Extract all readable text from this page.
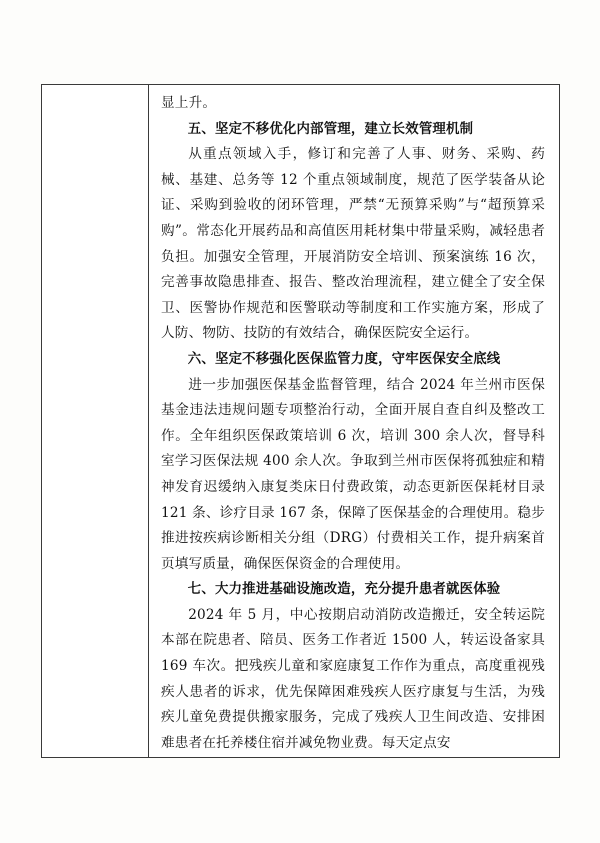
显上升。

五、坚定不移优化内部管理，建立长效管理机制

从重点领域入手，修订和完善了人事、财务、采购、药械、基建、总务等 12 个重点领域制度，规范了医学装备从论证、采购到验收的闭环管理，严禁“无预算采购”与“超预算采购”。常态化开展药品和高值医用耗材集中带量采购，减轻患者负担。加强安全管理，开展消防安全培训、预案演练 16 次，完善事故隐患排查、报告、整改治理流程，建立健全了安全保卫、医警协作规范和医警联动等制度和工作实施方案，形成了人防、物防、技防的有效结合，确保医院安全运行。

六、坚定不移强化医保监管力度，守牢医保安全底线

进一步加强医保基金监督管理，结合 2024 年兰州市医保基金违法违规问题专项整治行动，全面开展自查自纠及整改工作。全年组织医保政策培训 6 次，培训 300 余人次，督导科室学习医保法规 400 余人次。争取到兰州市医保将孤独症和精神发育迟缓纳入康复类床日付费政策，动态更新医保耗材目录 121 条、诊疗目录 167 条，保障了医保基金的合理使用。稳步推进按疾病诊断相关分组（DRG）付费相关工作，提升病案首页填写质量，确保医保资金的合理使用。

七、大力推进基础设施改造，充分提升患者就医体验

2024 年 5 月，中心按期启动消防改造搬迁，安全转运院本部在院患者、陪员、医务工作者近 1500 人，转运设备家具 169 车次。把残疾儿童和家庭康复工作作为重点，高度重视残疾人患者的诉求，优先保障困难残疾人医疗康复与生活，为残疾儿童免费提供搬家服务，完成了残疾人卫生间改造、安排困难患者在托养楼住宿并减免物业费。每天定点安
